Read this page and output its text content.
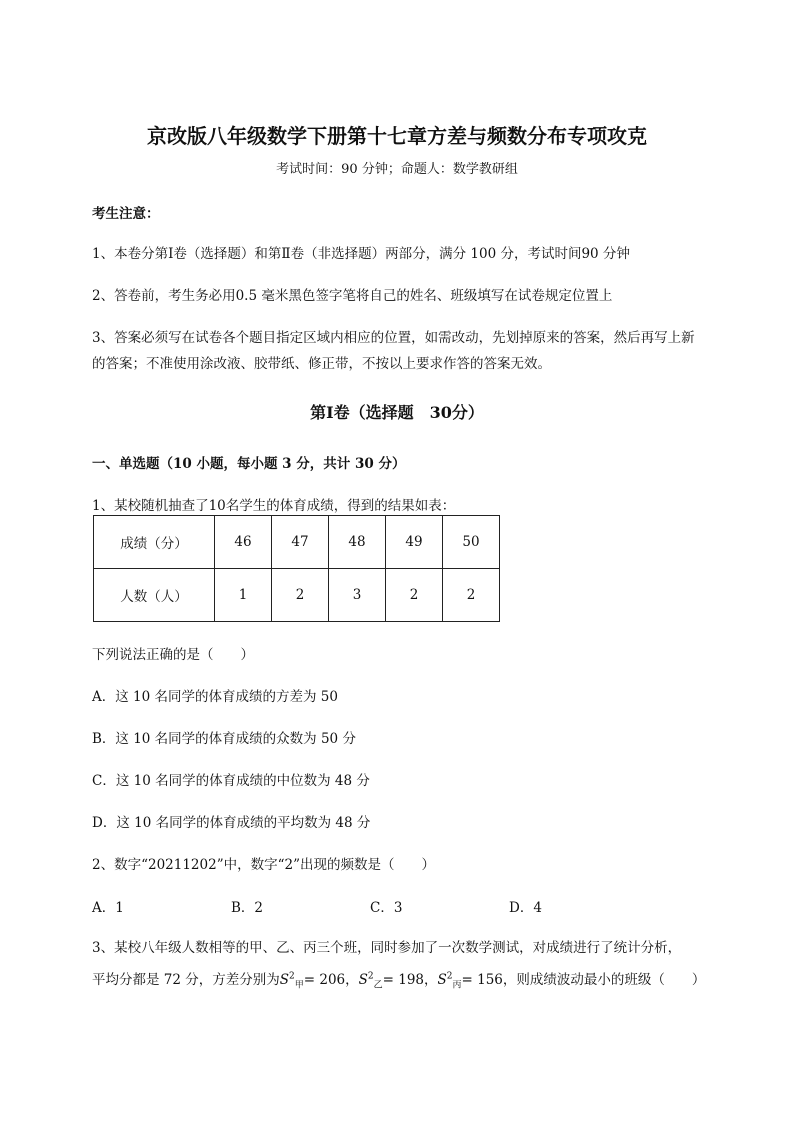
京改版八年级数学下册第十七章方差与频数分布专项攻克
考试时间：90 分钟；命题人：数学教研组
考生注意：
1、本卷分第Ⅰ卷（选择题）和第Ⅱ卷（非选择题）两部分，满分 100 分，考试时间90 分钟
2、答卷前，考生务必用0.5 毫米黑色签字笔将自己的姓名、班级填写在试卷规定位置上
3、答案必须写在试卷各个题目指定区域内相应的位置，如需改动，先划掉原来的答案，然后再写上新
的答案；不准使用涂改液、胶带纸、修正带，不按以上要求作答的答案无效。
第Ⅰ卷（选择题　30分）
一、单选题（10 小题，每小题 3 分，共计 30 分）
1、某校随机抽查了10名学生的体育成绩，得到的结果如表：
成绩（分）	46	47	48	49	50
人数（人）	1	2	3	2	2
下列说法正确的是（　　）
A．这 10 名同学的体育成绩的方差为 50
B．这 10 名同学的体育成绩的众数为 50 分
C．这 10 名同学的体育成绩的中位数为 48 分
D．这 10 名同学的体育成绩的平均数为 48 分
2、数字“20211202”中，数字“2”出现的频数是（　　）
A．1	B．2	C．3	D．4
3、某校八年级人数相等的甲、乙、丙三个班，同时参加了一次数学测试，对成绩进行了统计分析，
平均分都是 72 分，方差分别为$S^2_甲= 206$，$S^2_乙= 198$，$S^2_丙= 156$，则成绩波动最小的班级（　　）
